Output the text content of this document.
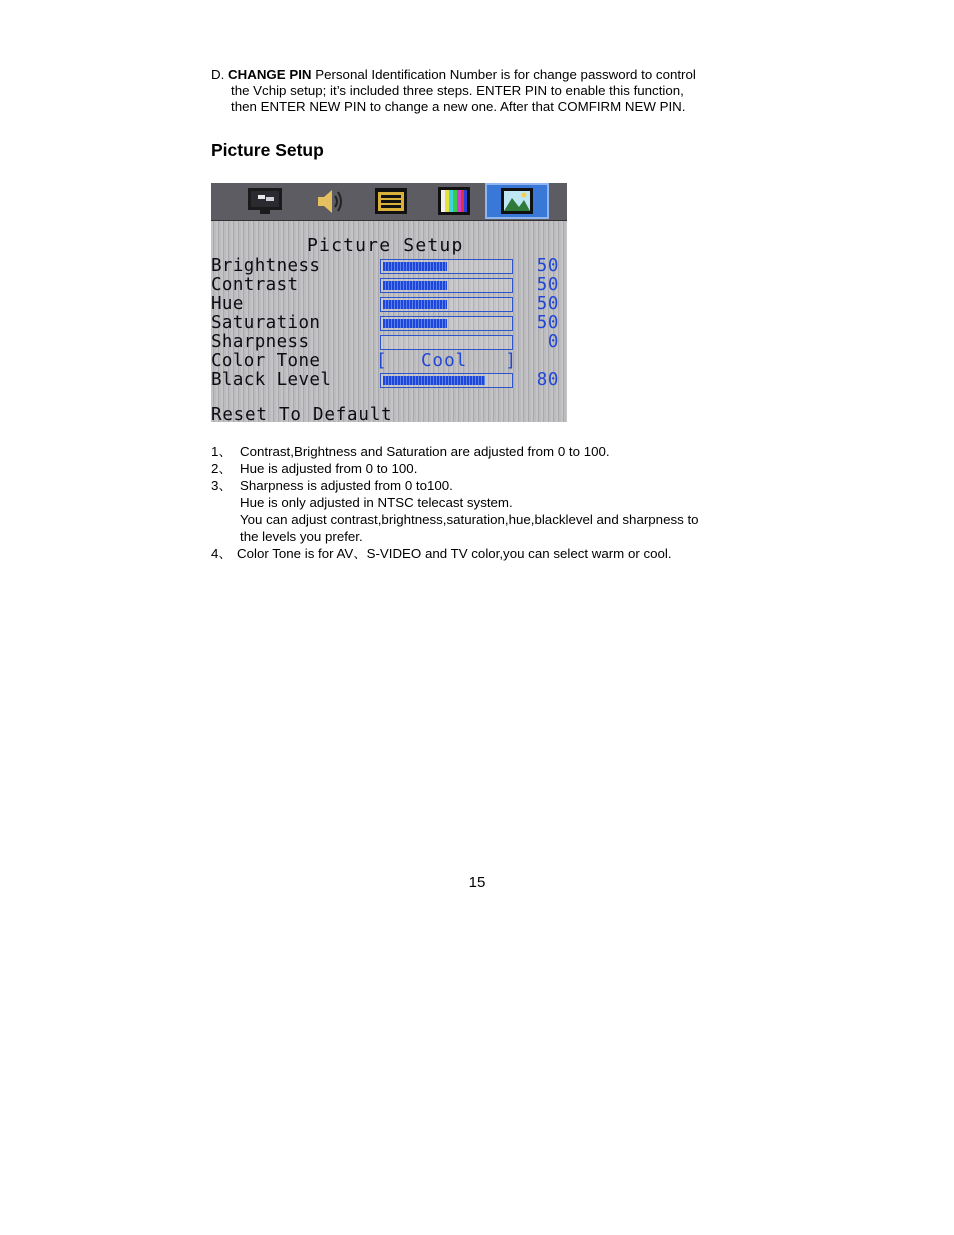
D. CHANGE PIN Personal Identification Number is for change password to control
the Vchip setup; it’s included three steps. ENTER PIN to enable this function,
then ENTER NEW PIN to change a new one. After that COMFIRM NEW PIN.
Picture Setup
Picture Setup
Brightness	50
Contrast	50
Hue	50
Saturation	50
Sharpness	0
Color Tone	[ Cool ]
Black Level	80
Reset To Default
1、 Contrast,Brightness and Saturation are adjusted from 0 to 100.
2、 Hue is adjusted from 0 to 100.
3、 Sharpness is adjusted from 0 to100.
Hue is only adjusted in NTSC telecast system.
You can adjust contrast,brightness,saturation,hue,blacklevel and sharpness to
the levels you prefer.
4、 Color Tone is for AV、S-VIDEO and TV color,you can select warm or cool.
15
